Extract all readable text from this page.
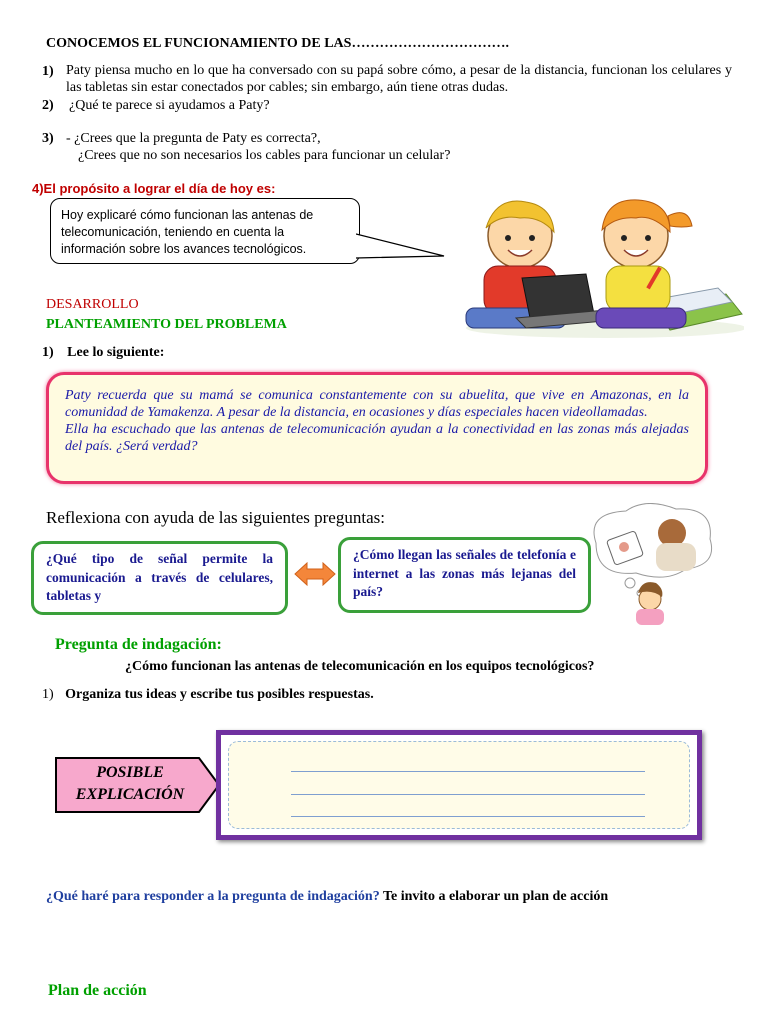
CONOCEMOS EL FUNCIONAMIENTO DE LAS…………………………….
1) Paty piensa mucho en lo que ha conversado con su papá sobre cómo, a pesar de la distancia, funcionan los celulares y las tabletas sin estar conectados por cables; sin embargo, aún tiene otras dudas.
2) ¿Qué te parece si ayudamos a Paty?
3) - ¿Crees que la pregunta de Paty es correcta?,
¿Crees que no son necesarios los cables para funcionar un celular?
4)El propósito a lograr el día de hoy es:
Hoy explicaré cómo funcionan las antenas de telecomunicación, teniendo en cuenta la información sobre los avances tecnológicos.
DESARROLLO
PLANTEAMIENTO DEL PROBLEMA
1) Lee lo siguiente:
Paty recuerda que su mamá se comunica constantemente con su abuelita, que vive en Amazonas, en la comunidad de Yamakenza. A pesar de la distancia, en ocasiones y días especiales hacen videollamadas.
Ella ha escuchado que las antenas de telecomunicación ayudan a la conectividad en las zonas más alejadas del país. ¿Será verdad?
Reflexiona con ayuda de las siguientes preguntas:
¿Qué tipo de señal permite la comunicación a través de celulares, tabletas y
¿Cómo llegan las señales de telefonía e internet a las zonas más lejanas del país?
Pregunta de indagación:
¿Cómo funcionan las antenas de telecomunicación en los equipos tecnológicos?
1) Organiza tus ideas y escribe tus posibles respuestas.
POSIBLE
EXPLICACIÓN
¿Qué haré para responder a la pregunta de indagación? Te invito a elaborar un plan de acción
Plan de acción
